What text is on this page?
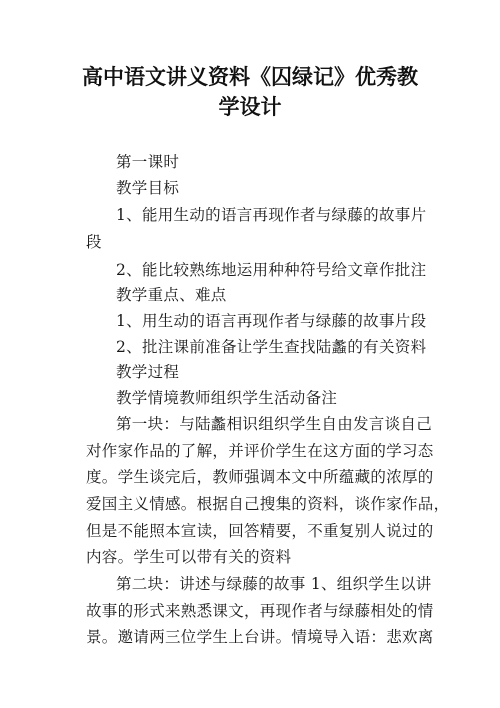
高中语文讲义资料《囚绿记》优秀教
学设计
第一课时
教学目标
1、能用生动的语言再现作者与绿藤的故事片
段
2、能比较熟练地运用种种符号给文章作批注
教学重点、难点
1、用生动的语言再现作者与绿藤的故事片段
2、批注课前准备让学生查找陆蠡的有关资料
教学过程
教学情境教师组织学生活动备注
第一块：与陆蠡相识组织学生自由发言谈自己
对作家作品的了解，并评价学生在这方面的学习态
度。学生谈完后，教师强调本文中所蕴藏的浓厚的
爱国主义情感。根据自己搜集的资料，谈作家作品，
但是不能照本宣读，回答精要，不重复别人说过的
内容。学生可以带有关的资料
第二块：讲述与绿藤的故事 1、组织学生以讲
故事的形式来熟悉课文，再现作者与绿藤相处的情
景。邀请两三位学生上台讲。情境导入语：悲欢离
